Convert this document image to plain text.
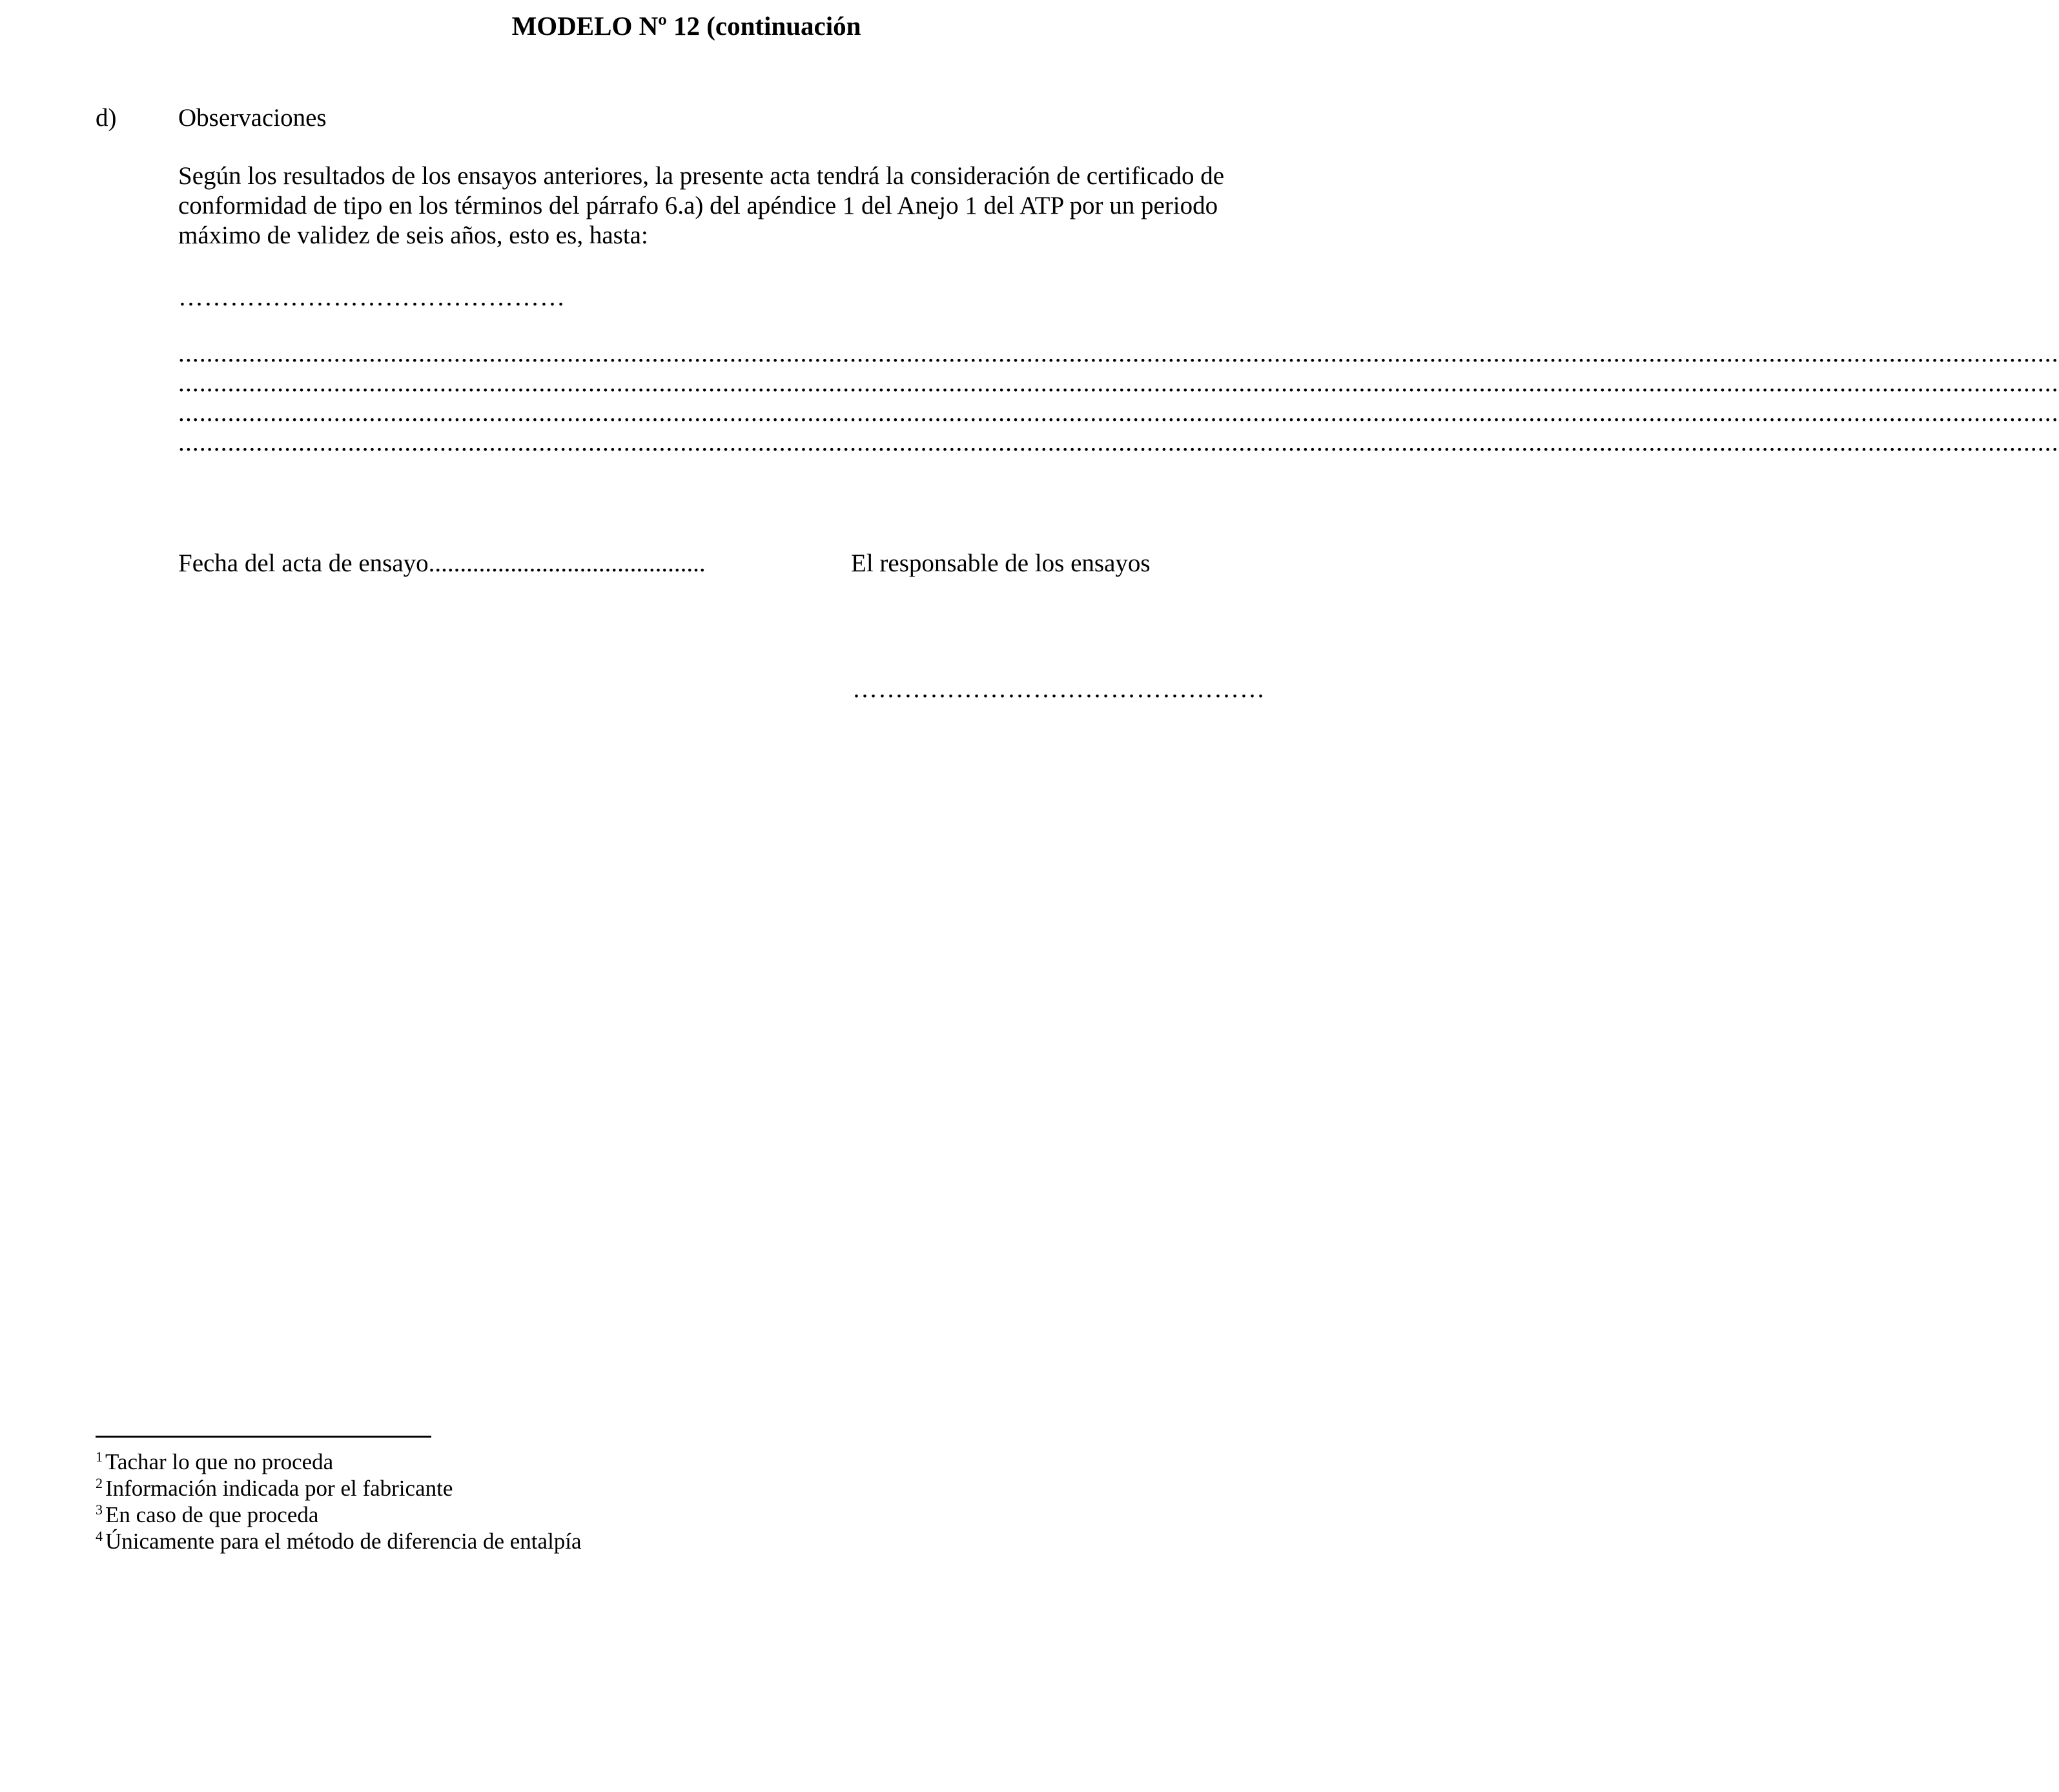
MODELO Nº 12 (continuación
d) Observaciones
Según los resultados de los ensayos anteriores, la presente acta tendrá la consideración de certificado de
conformidad de tipo en los términos del párrafo 6.a) del apéndice 1 del Anejo 1 del ATP por un periodo
máximo de validez de seis años, esto es, hasta:
………………………………………
..........................................................................................................................................................................................................................................................................
..........................................................................................................................................................................................................................................................................
..........................................................................................................................................................................................................................................................................
..........................................................................................................................................................................................................................................................................
Fecha del acta de ensayo............................................	El responsable de los ensayos
…………………………………………
$^1$ Tachar lo que no proceda
$^2$ Información indicada por el fabricante
$^3$ En caso de que proceda
$^4$ Únicamente para el método de diferencia de entalpía
